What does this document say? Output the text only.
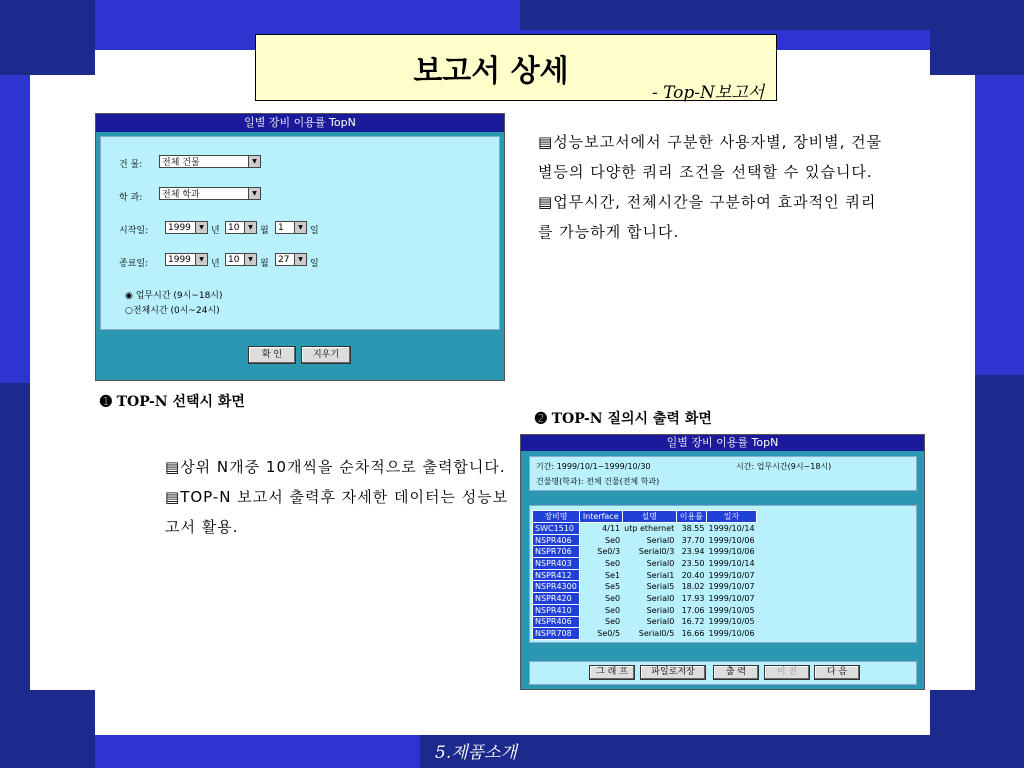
5.제품소개
보고서 상세
- Top-N보고서
일별 장비 이용률 TopN
건 물: 전체 건물	▼
학 과: 전체 학과	▼
시작일: 1999	▼ 년 10	▼ 월 1	▼ 일
종료일: 1999	▼ 년 10	▼ 월 27	▼ 일
◉ 업무시간 (9시~18시)
○전체시간 (0시~24시)
확 인	지우기
➊ TOP-N 선택시 화면
➋ TOP-N 질의시 출력 화면
▤성능보고서에서 구분한 사용자별, 장비별, 건물별등의 다양한 쿼리 조건을 선택할 수 있습니다.
▤업무시간, 전체시간을 구분하여 효과적인 쿼리를 가능하게 합니다.
▤상위 N개중 10개씩을 순차적으로 출력합니다.
▤TOP-N 보고서 출력후 자세한 데이터는 성능보고서 활용.
일별 장비 이용률 TopN
기간: 1999/10/1~1999/10/30	시간: 업무시간(9시~18시)
건물명(학과): 전체 건물(전체 학과)
장비명	Interface	설명	이용률	일자
SWC1510	4/11	utp ethernet	38.55	1999/10/14
NSPR406	Se0	Serial0	37.70	1999/10/06
NSPR706	Se0/3	Serial0/3	23.94	1999/10/06
NSPR403	Se0	Serial0	23.50	1999/10/14
NSPR412	Se1	Serial1	20.40	1999/10/07
NSPR4300	Se5	Serial5	18.02	1999/10/07
NSPR420	Se0	Serial0	17.93	1999/10/07
NSPR410	Se0	Serial0	17.06	1999/10/05
NSPR406	Se0	Serial0	16.72	1999/10/05
NSPR708	Se0/5	Serial0/5	16.66	1999/10/06
그 래 프	파일로저장	출 력	이 전	다 음
